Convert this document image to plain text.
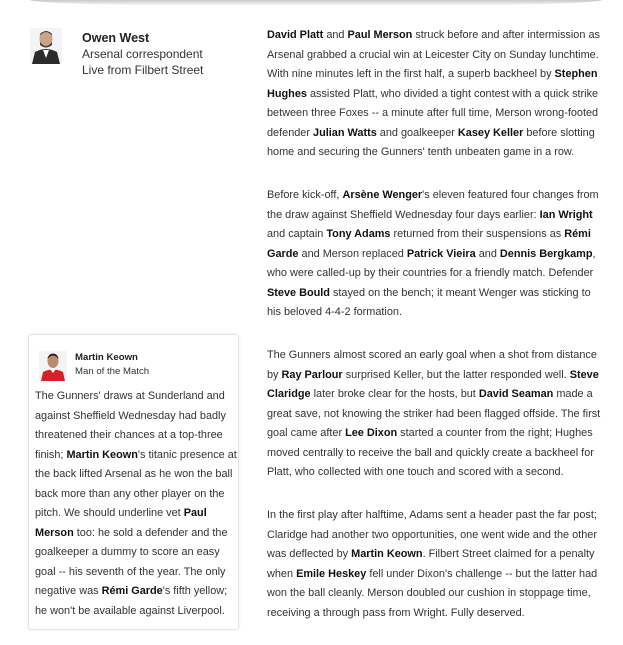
Owen West
Arsenal correspondent
Live from Filbert Street
Martin Keown
Man of the Match
The Gunners' draws at Sunderland and against Sheffield Wednesday had badly threatened their chances at a top-three finish; Martin Keown's titanic presence at the back lifted Arsenal as he won the ball back more than any other player on the pitch. We should underline vet Paul Merson too: he sold a defender and the goalkeeper a dummy to score an easy goal -- his seventh of the year. The only negative was Rémi Garde's fifth yellow; he won't be available against Liverpool.

David Platt and Paul Merson struck before and after intermission as Arsenal grabbed a crucial win at Leicester City on Sunday lunchtime. With nine minutes left in the first half, a superb backheel by Stephen Hughes assisted Platt, who divided a tight contest with a quick strike between three Foxes -- a minute after full time, Merson wrong-footed defender Julian Watts and goalkeeper Kasey Keller before slotting home and securing the Gunners' tenth unbeaten game in a row.

Before kick-off, Arsène Wenger's eleven featured four changes from the draw against Sheffield Wednesday four days earlier: Ian Wright and captain Tony Adams returned from their suspensions as Rémi Garde and Merson replaced Patrick Vieira and Dennis Bergkamp, who were called-up by their countries for a friendly match. Defender Steve Bould stayed on the bench; it meant Wenger was sticking to his beloved 4-4-2 formation.

The Gunners almost scored an early goal when a shot from distance by Ray Parlour surprised Keller, but the latter responded well. Steve Claridge later broke clear for the hosts, but David Seaman made a great save, not knowing the striker had been flagged offside. The first goal came after Lee Dixon started a counter from the right; Hughes moved centrally to receive the ball and quickly create a backheel for Platt, who collected with one touch and scored with a second.

In the first play after halftime, Adams sent a header past the far post; Claridge had another two opportunities, one went wide and the other was deflected by Martin Keown. Filbert Street claimed for a penalty when Emile Heskey fell under Dixon's challenge -- but the latter had won the ball cleanly. Merson doubled our cushion in stoppage time, receiving a through pass from Wright. Fully deserved.
